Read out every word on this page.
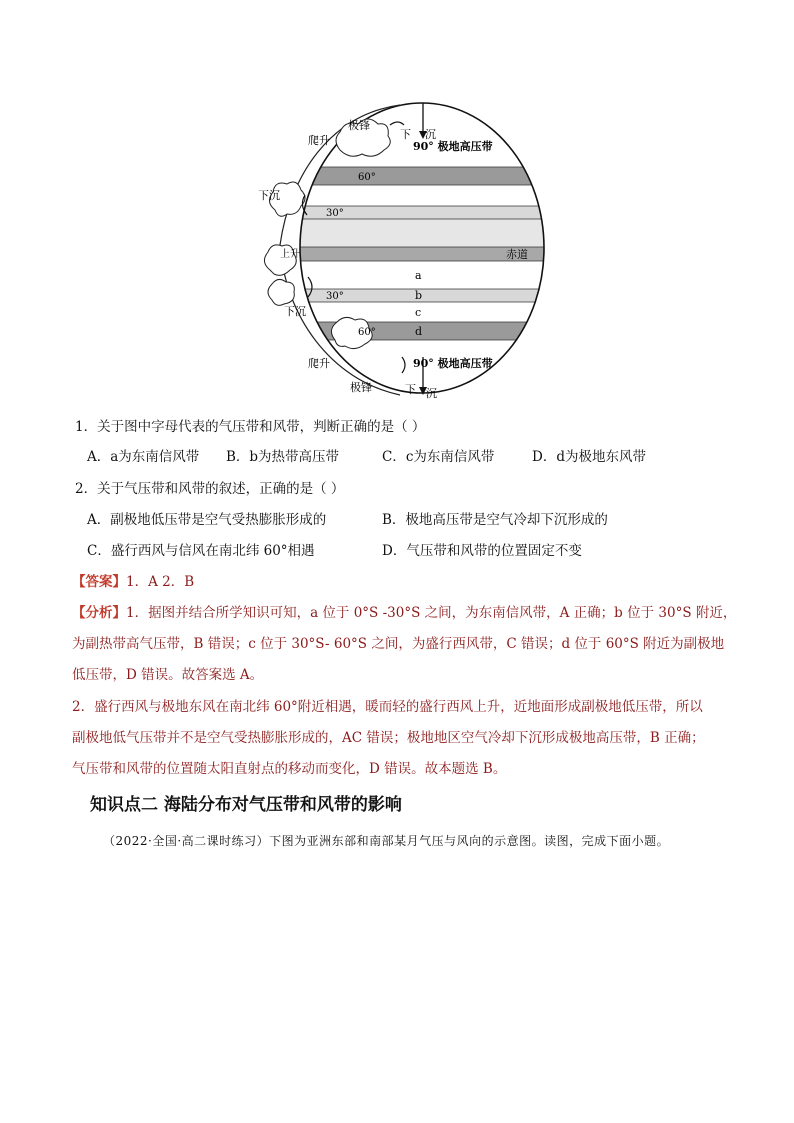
极锋
爬升	下 沉
90° 极地高压带
60°
下沉
30°
上升	赤道
a
30°	b
c
下沉
60°	d
90° 极地高压带
爬升
极锋	下 沉
1．关于图中字母代表的气压带和风带，判断正确的是（ ）
A．a为东南信风带 B．b为热带高压带	C．c为东南信风带	D．d为极地东风带
2．关于气压带和风带的叙述，正确的是（ ）
A．副极地低压带是空气受热膨胀形成的	B．极地高压带是空气冷却下沉形成的
C．盛行西风与信风在南北纬 60°相遇	D．气压带和风带的位置固定不变
【答案】1．A 2．B
【分析】1．据图并结合所学知识可知，a 位于 0°S -30°S 之间，为东南信风带，A 正确；b 位于 30°S 附近，
为副热带高气压带，B 错误；c 位于 30°S- 60°S 之间，为盛行西风带，C 错误；d 位于 60°S 附近为副极地
低压带，D 错误。故答案选 A。
2．盛行西风与极地东风在南北纬 60°附近相遇，暖而轻的盛行西风上升，近地面形成副极地低压带，所以
副极地低气压带并不是空气受热膨胀形成的，AC 错误；极地地区空气冷却下沉形成极地高压带，B 正确；
气压带和风带的位置随太阳直射点的移动而变化，D 错误。故本题选 B。
知识点二 海陆分布对气压带和风带的影响
（2022·全国·高二课时练习）下图为亚洲东部和南部某月气压与风向的示意图。读图，完成下面小题。
